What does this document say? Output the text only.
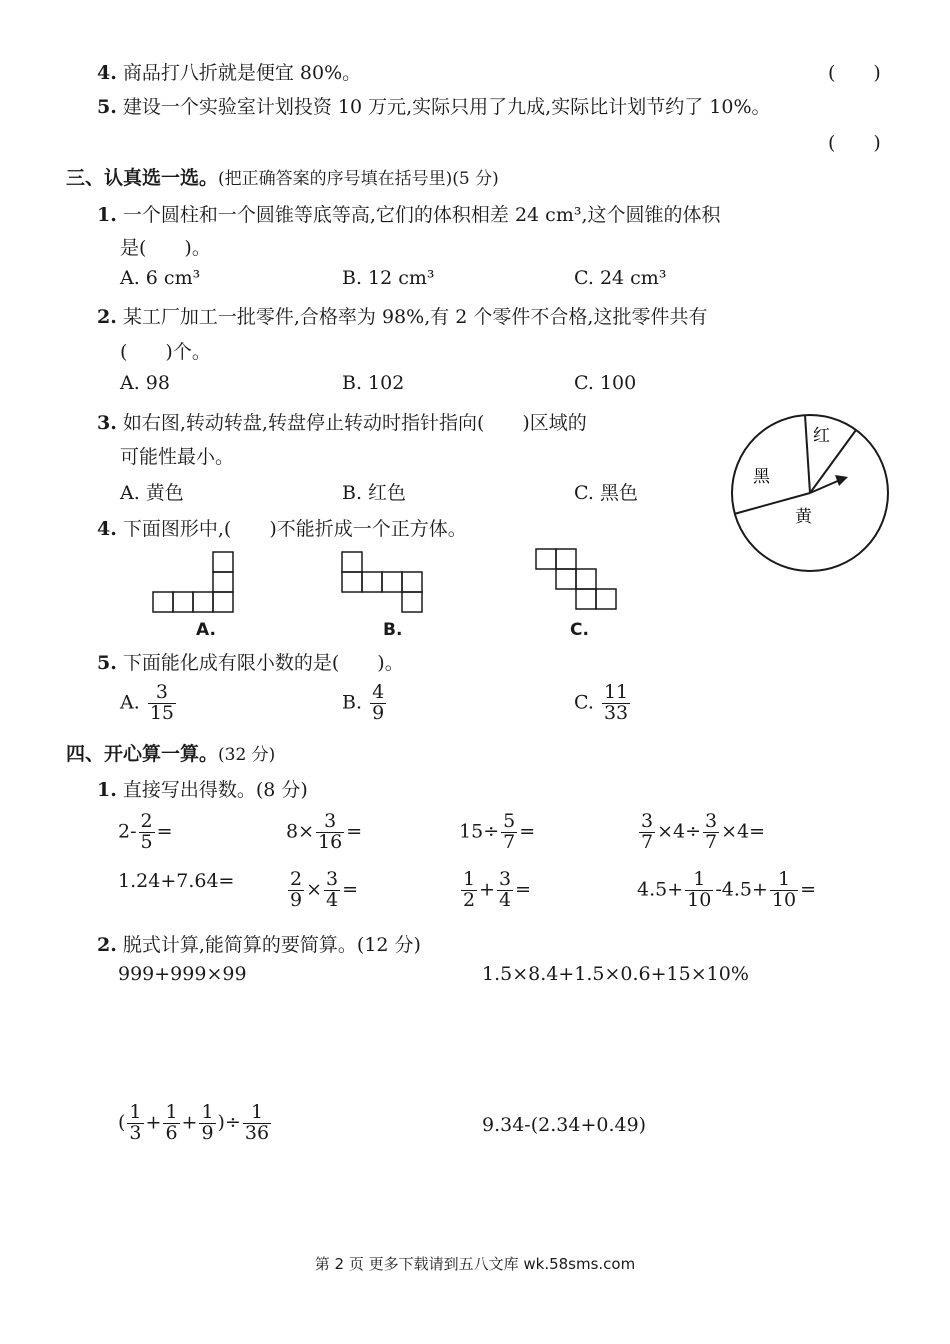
4. 商品打八折就是便宜 80%。	(　　)
5. 建设一个实验室计划投资 10 万元,实际只用了九成,实际比计划节约了 10%。
(　　)
三、认真选一选。(把正确答案的序号填在括号里)(5 分)
1. 一个圆柱和一个圆锥等底等高,它们的体积相差 24 cm³,这个圆锥的体积
是(　　)。
A. 6 cm³	B. 12 cm³	C. 24 cm³
2. 某工厂加工一批零件,合格率为 98%,有 2 个零件不合格,这批零件共有
(　　)个。
A. 98	B. 102	C. 100
3. 如右图,转动转盘,转盘停止转动时指针指向(　　)区域的
可能性最小。
A. 黄色	B. 红色	C. 黑色
红
黑
黄
4. 下面图形中,(　　)不能折成一个正方体。
A.	B.	C.
5. 下面能化成有限小数的是(　　)。
A. $\frac{3}{15}$	B. $\frac{4}{9}$	C. $\frac{11}{33}$
四、开心算一算。(32 分)
1. 直接写出得数。(8 分)
$2- \frac{2}{5}$ =	$8\times \frac{3}{16}$ =	$15\div \frac{5}{7}$ =	$\frac{3}{7} \times 4\div \frac{3}{7} \times 4=$
1.24+7.64=	$\frac{2}{9} \times \frac{3}{4}$ =	$\frac{1}{2} + \frac{3}{4}$ =	$4.5+ \frac{1}{10} -4.5+ \frac{1}{10}$ =
2. 脱式计算,能简算的要简算。(12 分)
999+999×99	1.5×8.4+1.5×0.6+15×10%
( $\frac{1}{3} + \frac{1}{6} + \frac{1}{9}$ )÷ $\frac{1}{36}$	9.34-(2.34+0.49)
第 2 页 更多下载请到五八文库 wk.58sms.com
